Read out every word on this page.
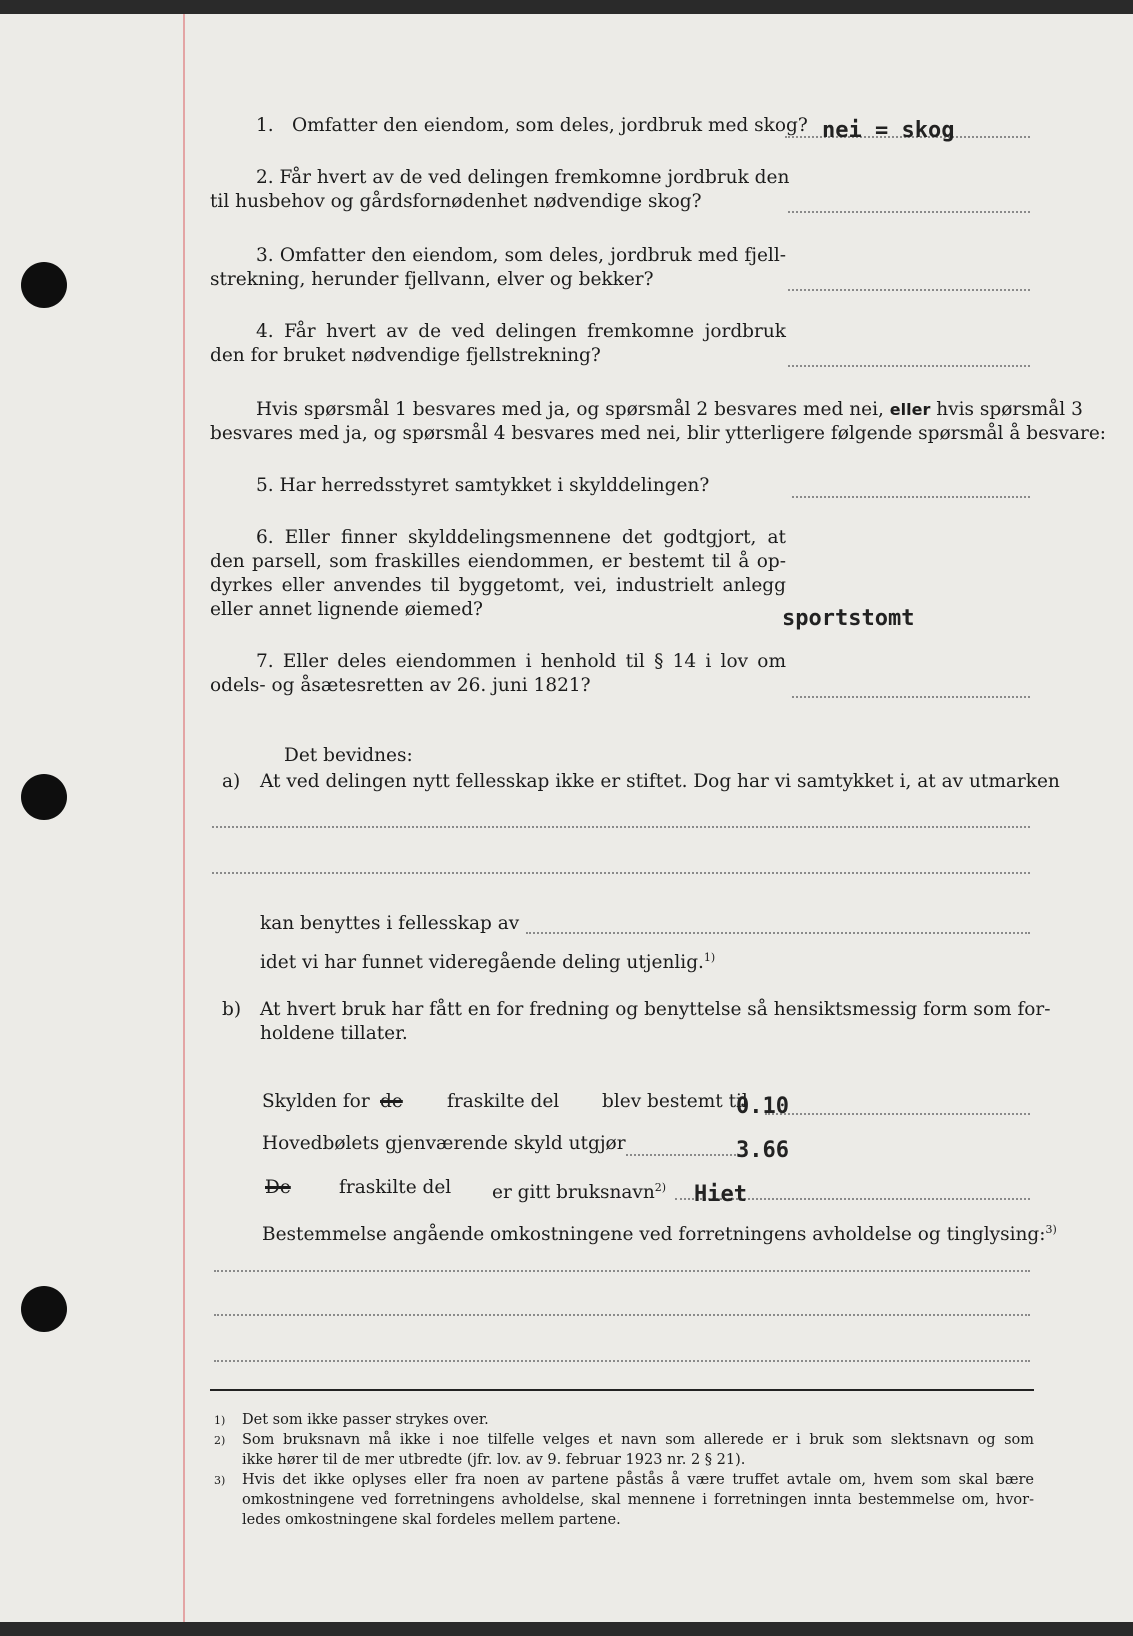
1. Omfatter den eiendom, som deles, jordbruk med skog? nei = skog
2. Får hvert av de ved delingen fremkomne jordbruk den
til husbehov og gårdsfornødenhet nødvendige skog?
3. Omfatter den eiendom, som deles, jordbruk med fjell-
strekning, herunder fjellvann, elver og bekker?
4. Får hvert av de ved delingen fremkomne jordbruk
den for bruket nødvendige fjellstrekning?
Hvis spørsmål 1 besvares med ja, og spørsmål 2 besvares med nei, eller hvis spørsmål 3
besvares med ja, og spørsmål 4 besvares med nei, blir ytterligere følgende spørsmål å besvare:
5. Har herredsstyret samtykket i skylddelingen?
6. Eller finner skylddelingsmennene det godtgjort, at
den parsell, som fraskilles eiendommen, er bestemt til å op-
dyrkes eller anvendes til byggetomt, vei, industrielt anlegg
eller annet lignende øiemed?	sportstomt
7. Eller deles eiendommen i henhold til § 14 i lov om
odels- og åsætesretten av 26. juni 1821?
Det bevidnes:
a) At ved delingen nytt fellesskap ikke er stiftet. Dog har vi samtykket i, at av utmarken
kan benyttes i fellesskap av
idet vi har funnet videregående deling utjenlig.$^{1)}$
b) At hvert bruk har fått en for fredning og benyttelse så hensiktsmessig form som for-
holdene tillater.
Skylden for de fraskilte del blev bestemt til
0.10
Hovedbølets gjenværende skyld utgjør	3.66
De	fraskilte del er gitt bruksnavn$^{2)}$ Hiet
Bestemmelse angående omkostningene ved forretningens avholdelse og tinglysing:$^{3)}$
1) Det som ikke passer strykes over.
2) Som bruksnavn må ikke i noe tilfelle velges et navn som allerede er i bruk som slektsnavn og som
ikke hører til de mer utbredte (jfr. lov. av 9. februar 1923 nr. 2 § 21).
3) Hvis det ikke oplyses eller fra noen av partene påstås å være truffet avtale om, hvem som skal bære
omkostningene ved forretningens avholdelse, skal mennene i forretningen innta bestemmelse om, hvor-
ledes omkostningene skal fordeles mellem partene.
